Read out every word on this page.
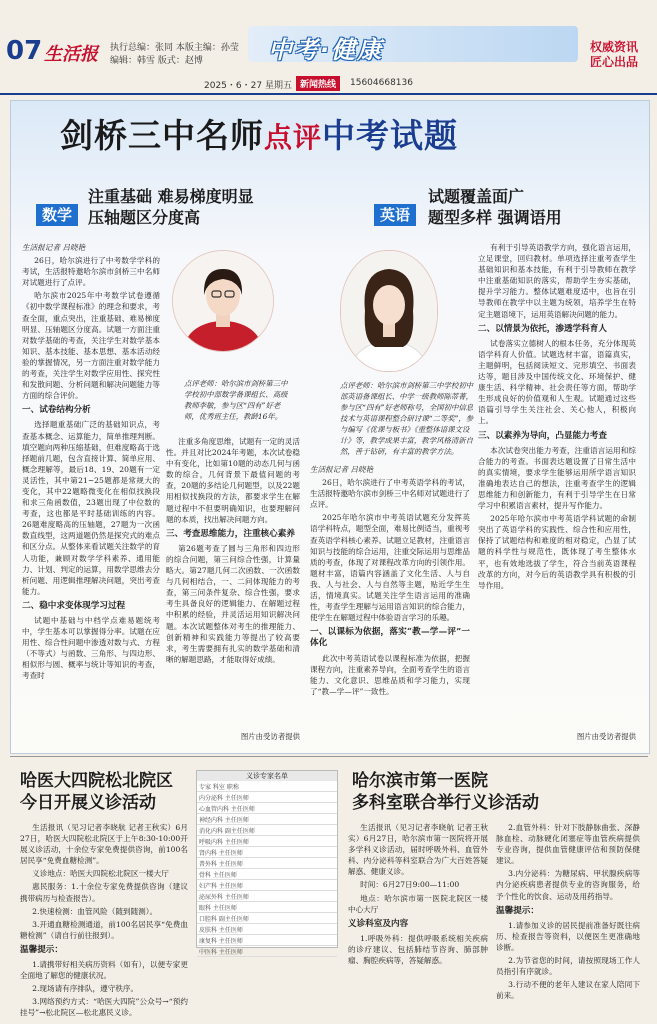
07 生活报 执行总编：张同 本版主编：孙莹
编辑：韩雪 版式：赵博	中考·健康	权威资讯
匠心出品
2025・6・27 星期五 新闻热线	15604668136
剑桥三中名师点评中考试题
数学
注重基础 难易梯度明显
压轴题区分度高	英语
试题覆盖面广
题型多样 强调语用
点评老师：哈尔滨市剑桥第三中学校初中部数学备课组长、高级教师李敏，参与区“四有”好老师，优秀班主任，教龄16年。
点评老师：哈尔滨市剑桥第三中学校初中部英语备课组长、中学一级教师陈蒂菁，参与区“四有”好老师称号，全国初中信息技术与英语课程整合研讨课“二等奖”，参与编写《优课与板书》《重整体语课文设计》等，教学成果丰富，教学风格清新自然，善于钻研，有丰富的教学方法。

生活报记者 吕晓艳

26日，哈尔滨进行了中考数学学科的考试，生活报特邀哈尔滨市剑桥三中名师对试题进行了点评。

哈尔滨市2025年中考数学试卷遵循《初中数学课程标准》的理念和要求，考查全面，重点突出，注重基础、难易梯度明显、压轴题区分度高。试题一方面注重对数学基础的考查，关注学生对数学基本知识、基本技能、基本思想、基本活动经验的掌握情况，另一方面注重对数学能力的考查，关注学生对数学应用性、探究性和发散问题、分析问题和解决问题能力等方面的综合评价。

一、试卷结构分析

选择题重基础广泛的基础知识点，考查基本概念、运算能力，简单推理判断。填空题向两种压缩基础，但难度略高于选择题前几题，包含直接计算、简单应用、概念理解等，最后18、19、20题有一定灵活性，其中第21~25题都是常规大的变化，其中22题略微变化在相似找换段和求三角函数值，23题出现了中位数的考查，这也都是平时基础训练的内容。26题难度略高的压轴题，27题为一次函数直线型，这两道题仍然是探究式的难点和区分点。从整体来看试题关注数学的育人功能，兼顾对数学学科素养、通用能力、计划、判定的运算，用数学思维去分析问题、用逻辑推理解决问题，突出考查能力。

二、稳中求变体现学习过程

试题中基础与中档学点难易题统考中，学生基本可以掌握得分率。试题在应用性、综合性问题中渗透对数与式、方程（不等式）与函数、三角形、与四边形、相似形与圆、概率与统计等知识的考查，考查时

注重多角度思维，试题有一定的灵活性。并且对比2024年考题，本次试卷稳中有变化，比如第10题的动态几何与函数的综合，几何背景下最值问题的考查，20题的多结论几何题型，以及22题用相似找换段的方法，都要求学生在解题过程中不但要明确知识，也要理解问题的本质，找出解决问题方向。

三、考查思维能力，注重核心素养

第26题考查了圆与三角形和四边形的综合问题，第三问综合性强，计算量略大。第27题几何二次函数、一次函数与几何相结合，一、二问体现能力的考查，第三问条件复杂、综合性强，要求考生具备良好的逻辑能力、在解题过程中积累的经验，并灵活运用知识解决问题。本次试题整体对考生的推理能力、创新精神和实践能力等提出了较高要求，考生需要拥有扎实的数学基础和清晰的解题思路，才能取得好成绩。

图片由受访者提供

生活报记者 吕晓艳

26日，哈尔滨进行了中考英语学科的考试，生活报特邀哈尔滨市剑桥三中名师对试题进行了点评。

2025年哈尔滨市中考英语试题充分发挥英语学科特点，题型全面，难易比例适当，重视考查英语学科核心素养。试题立足教材，注重语言知识与技能的综合运用，注重交际运用与思维品质的考查，体现了对课程改革方向的引领作用。题材丰富，语篇内容涵盖了文化生活、人与自我、人与社会、人与自然等主题，贴近学生生活，情境真实。试题关注学生语言运用的准确性，考查学生理解与运用语言知识的综合能力，使学生在解题过程中体验语言学习的乐趣。

一、以课标为依据，落实“教—学—评”一体化

此次中考英语试卷以课程标准为依据，把握课程方向，注重素养导向，全面考查学生的语言能力、文化意识、思维品质和学习能力，实现了“教—学—评”一致性。

有利于引导英语教学方向，强化语言运用，立足课堂，回归教材。单项选择注重考查学生基础知识和基本技能，有利于引导教师在教学中注重基础知识的落实，帮助学生夯实基础，提升学习能力。整体试题难度适中，也旨在引导教师在教学中以主题为统领，培养学生在特定主题语境下，运用英语解决问题的能力。

二、以情景为依托，渗透学科育人

试卷落实立德树人的根本任务，充分体现英语学科育人价值。试题选材丰富，语篇真实，主题鲜明，包括阅读短文、完形填空、书面表达等，题目涉及中国传统文化、环境保护、健康生活、科学精神、社会责任等方面，帮助学生形成良好的价值观和人生观。试题通过这些语篇引导学生关注社会、关心他人，积极向上。

三、以素养为导向，凸显能力考查

本次试卷突出能力考查，注重语言运用和综合能力的考查。书面表达题设置了日常生活中的真实情境，要求学生能够运用所学语言知识准确地表达自己的想法，注重考查学生的逻辑思维能力和创新能力，有利于引导学生在日常学习中积累语言素材，提升写作能力。

2025年哈尔滨市中考英语学科试题的命制突出了英语学科的实践性、综合性和应用性，保持了试题结构和难度的相对稳定，凸显了试题的科学性与规范性，既体现了考生整体水平，也有效地选拔了学生，符合当前英语课程改革的方向，对今后的英语教学具有积极的引导作用。

图片由受访者提供
哈医大四院松北院区
今日开展义诊活动

生活报讯（见习记者李晓航 记者王秋实）6月27日，哈医大四院松北院区于上午8:30-10:00开展义诊活动，十余位专家免费提供咨询，前100名居民享“免费血糖检测”。

义诊地点：哈医大四院松北院区一楼大厅

惠民服务：1.十余位专家免费提供咨询（建议携带病历与检查报告）。

2.快速检测：血管风险（随到随测）。

3.开通血糖检测通道，前100名居民享“免费血糖检测”（请自行前往报到）。

温馨提示：

1.请携带好相关病历资料（如有），以便专家更全面地了解您的健康状况。

2.现场请有序排队，遵守秩序。

3.网络预约方式：“哈医大四院”公众号→“预约挂号”→松北院区—松北惠民义诊。

义诊专家名单
专家 科室 职称
内分泌科 主任医师
心血管内科 主任医师
神经内科 主任医师
消化内科 副主任医师
呼吸内科 主任医师
肾内科 主任医师
普外科 主任医师
骨科 主任医师
妇产科 主任医师
泌尿外科 主任医师
眼科 主任医师
口腔科 副主任医师
皮肤科 主任医师
康复科 主任医师
中医科 主任医师
哈尔滨市第一医院
多科室联合举行义诊活动

生活报讯（见习记者李晓航 记者王秋实）6月27日，哈尔滨市第一医院将开展多学科义诊活动，届时呼吸外科、血管外科、内分泌科等科室联合为广大百姓答疑解惑、健康义诊。

时间：6月27日9:00—11:00

地点：哈尔滨市第一医院北院区一楼中心大厅

义诊科室及内容

1.呼吸外科：提供呼吸系统相关疾病的诊疗建议、包括肺结节咨询、肺部肿瘤、胸腔疾病等，答疑解惑。

2.血管外科：针对下肢静脉曲张、深静脉血栓、动脉硬化闭塞症等血管疾病提供专业咨询，提供血管健康评估和预防保健建议。

3.内分泌科：为糖尿病、甲状腺疾病等内分泌疾病患者提供专业的咨询服务，给予个性化的饮食、运动及用药指导。

温馨提示：

1.请参加义诊的居民提前准备好既往病历、检查报告等资料，以便医生更准确地诊断。

2.为节省您的时间，请按照现场工作人员指引有序就诊。

3.行动不便的老年人建议在家人陪同下前来。
